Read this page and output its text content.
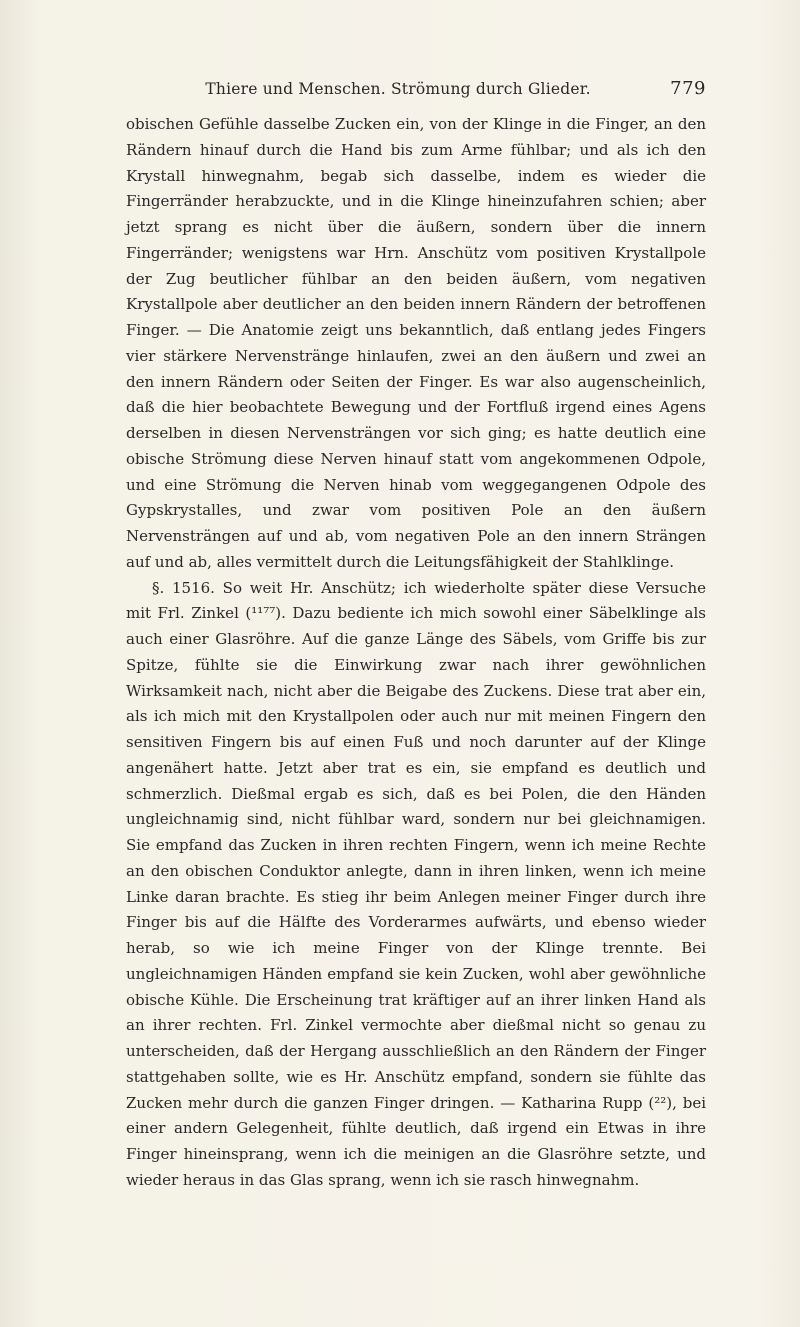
Thiere und Menschen. Strömung durch Glieder.	779

obischen Gefühle dasselbe Zucken ein, von der Klinge in die Finger, an den Rändern hinauf durch die Hand bis zum Arme fühlbar; und als ich den Krystall hinwegnahm, begab sich dasselbe, indem es wieder die Fingerränder herabzuckte, und in die Klinge hineinzufahren schien; aber jetzt sprang es nicht über die äußern, sondern über die innern Fingerränder; wenigstens war Hrn. Anschütz vom positiven Krystallpole der Zug beutlicher fühlbar an den beiden äußern, vom negativen Krystallpole aber deutlicher an den beiden innern Rändern der betroffenen Finger. — Die Anatomie zeigt uns bekanntlich, daß entlang jedes Fingers vier stärkere Nervenstränge hinlaufen, zwei an den äußern und zwei an den innern Rändern oder Seiten der Finger. Es war also augenscheinlich, daß die hier beobachtete Bewegung und der Fortfluß irgend eines Agens derselben in diesen Nervensträngen vor sich ging; es hatte deutlich eine obische Strömung diese Nerven hinauf statt vom angekommenen Odpole, und eine Strömung die Nerven hinab vom weggegangenen Odpole des Gypskrystalles, und zwar vom positiven Pole an den äußern Nervensträngen auf und ab, vom negativen Pole an den innern Strängen auf und ab, alles vermittelt durch die Leitungsfähigkeit der Stahlklinge.

§. 1516. So weit Hr. Anschütz; ich wiederholte später diese Versuche mit Frl. Zinkel (¹¹⁷⁷). Dazu bediente ich mich sowohl einer Säbelklinge als auch einer Glasröhre. Auf die ganze Länge des Säbels, vom Griffe bis zur Spitze, fühlte sie die Einwirkung zwar nach ihrer gewöhnlichen Wirksamkeit nach, nicht aber die Beigabe des Zuckens. Diese trat aber ein, als ich mich mit den Krystallpolen oder auch nur mit meinen Fingern den sensitiven Fingern bis auf einen Fuß und noch darunter auf der Klinge angenähert hatte. Jetzt aber trat es ein, sie empfand es deutlich und schmerzlich. Dießmal ergab es sich, daß es bei Polen, die den Händen ungleichnamig sind, nicht fühlbar ward, sondern nur bei gleichnamigen. Sie empfand das Zucken in ihren rechten Fingern, wenn ich meine Rechte an den obischen Conduktor anlegte, dann in ihren linken, wenn ich meine Linke daran brachte. Es stieg ihr beim Anlegen meiner Finger durch ihre Finger bis auf die Hälfte des Vorderarmes aufwärts, und ebenso wieder herab, so wie ich meine Finger von der Klinge trennte. Bei ungleichnamigen Händen empfand sie kein Zucken, wohl aber gewöhnliche obische Kühle. Die Erscheinung trat kräftiger auf an ihrer linken Hand als an ihrer rechten. Frl. Zinkel vermochte aber dießmal nicht so genau zu unterscheiden, daß der Hergang ausschließlich an den Rändern der Finger stattgehaben sollte, wie es Hr. Anschütz empfand, sondern sie fühlte das Zucken mehr durch die ganzen Finger dringen. — Katharina Rupp (²²), bei einer andern Gelegenheit, fühlte deutlich, daß irgend ein Etwas in ihre Finger hineinsprang, wenn ich die meinigen an die Glasröhre setzte, und wieder heraus in das Glas sprang, wenn ich sie rasch hinwegnahm.
